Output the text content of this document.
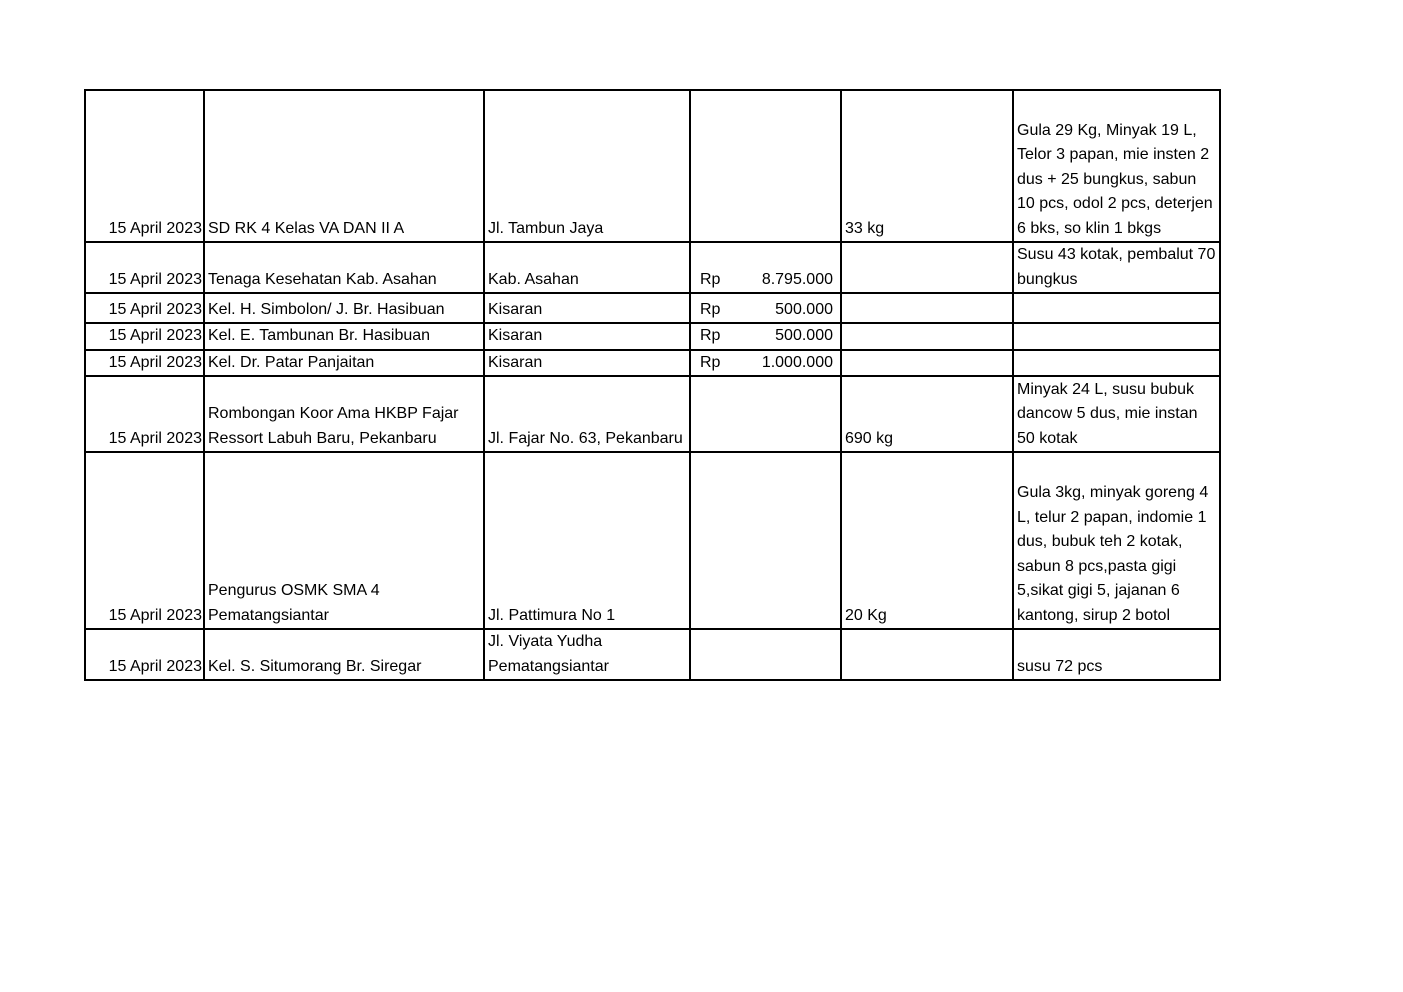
15 April 2023	SD RK 4 Kelas VA DAN II A	Jl. Tambun Jaya		33 kg	Gula 29 Kg, Minyak 19 L, Telor 3 papan, mie insten 2 dus + 25 bungkus, sabun 10 pcs, odol 2 pcs, deterjen 6 bks, so klin 1 bkgs
15 April 2023	Tenaga Kesehatan Kab. Asahan	Kab. Asahan	Rp 8.795.000		Susu 43 kotak, pembalut 70 bungkus
15 April 2023	Kel. H. Simbolon/ J. Br. Hasibuan	Kisaran	Rp 500.000		

15 April 2023	Kel. E. Tambunan Br. Hasibuan	Kisaran	Rp 500.000		

15 April 2023	Kel. Dr. Patar Panjaitan	Kisaran	Rp 1.000.000		

15 April 2023	Rombongan Koor Ama HKBP Fajar Ressort Labuh Baru, Pekanbaru	Jl. Fajar No. 63, Pekanbaru		690 kg	Minyak 24 L, susu bubuk dancow 5 dus, mie instan 50 kotak
15 April 2023	Pengurus OSMK SMA 4 Pematangsiantar	Jl. Pattimura No 1		20 Kg	Gula 3kg, minyak goreng 4 L, telur 2 papan, indomie 1 dus, bubuk teh 2 kotak, sabun 8 pcs,pasta gigi 5,sikat gigi 5, jajanan 6 kantong, sirup 2 botol
15 April 2023	Kel. S. Situmorang Br. Siregar	Jl. Viyata Yudha Pematangsiantar			susu 72 pcs
